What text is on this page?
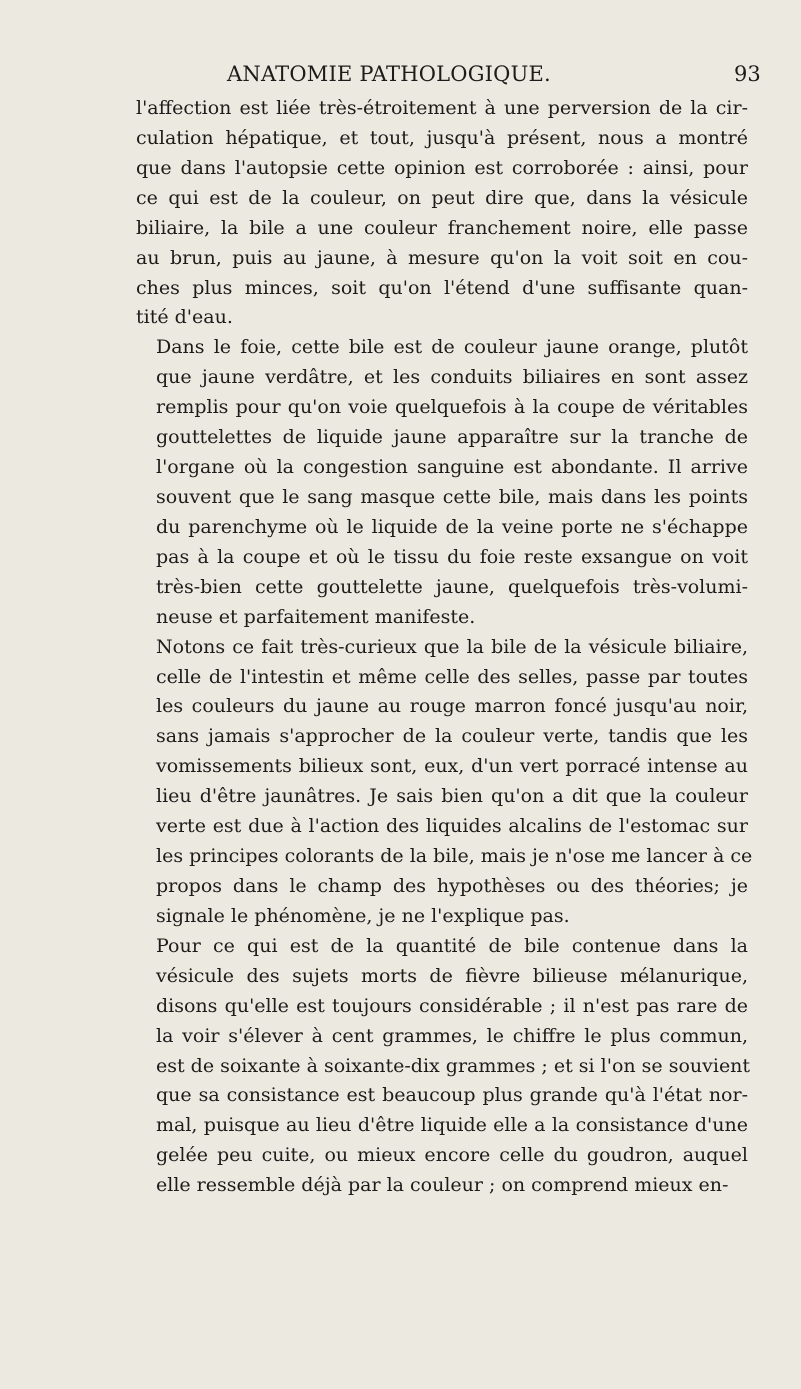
ANATOMIE PATHOLOGIQUE.	93

l'affection est liée très-étroitement à une perversion de la cir-
culation hépatique, et tout, jusqu'à présent, nous a montré
que dans l'autopsie cette opinion est corroborée : ainsi, pour
ce qui est de la couleur, on peut dire que, dans la vésicule
biliaire, la bile a une couleur franchement noire, elle passe
au brun, puis au jaune, à mesure qu'on la voit soit en cou-
ches plus minces, soit qu'on l'étend d'une suffisante quan-
tité d'eau.

Dans le foie, cette bile est de couleur jaune orange, plutôt
que jaune verdâtre, et les conduits biliaires en sont assez
remplis pour qu'on voie quelquefois à la coupe de véritables
gouttelettes de liquide jaune apparaître sur la tranche de
l'organe où la congestion sanguine est abondante. Il arrive
souvent que le sang masque cette bile, mais dans les points
du parenchyme où le liquide de la veine porte ne s'échappe
pas à la coupe et où le tissu du foie reste exsangue on voit
très-bien cette gouttelette jaune, quelquefois très-volumi-
neuse et parfaitement manifeste.

Notons ce fait très-curieux que la bile de la vésicule biliaire,
celle de l'intestin et même celle des selles, passe par toutes
les couleurs du jaune au rouge marron foncé jusqu'au noir,
sans jamais s'approcher de la couleur verte, tandis que les
vomissements bilieux sont, eux, d'un vert porracé intense au
lieu d'être jaunâtres. Je sais bien qu'on a dit que la couleur
verte est due à l'action des liquides alcalins de l'estomac sur
les principes colorants de la bile, mais je n'ose me lancer à ce
propos dans le champ des hypothèses ou des théories; je
signale le phénomène, je ne l'explique pas.

Pour ce qui est de la quantité de bile contenue dans la
vésicule des sujets morts de fièvre bilieuse mélanurique,
disons qu'elle est toujours considérable ; il n'est pas rare de
la voir s'élever à cent grammes, le chiffre le plus commun,
est de soixante à soixante-dix grammes ; et si l'on se souvient
que sa consistance est beaucoup plus grande qu'à l'état nor-
mal, puisque au lieu d'être liquide elle a la consistance d'une
gelée peu cuite, ou mieux encore celle du goudron, auquel
elle ressemble déjà par la couleur ; on comprend mieux en-
